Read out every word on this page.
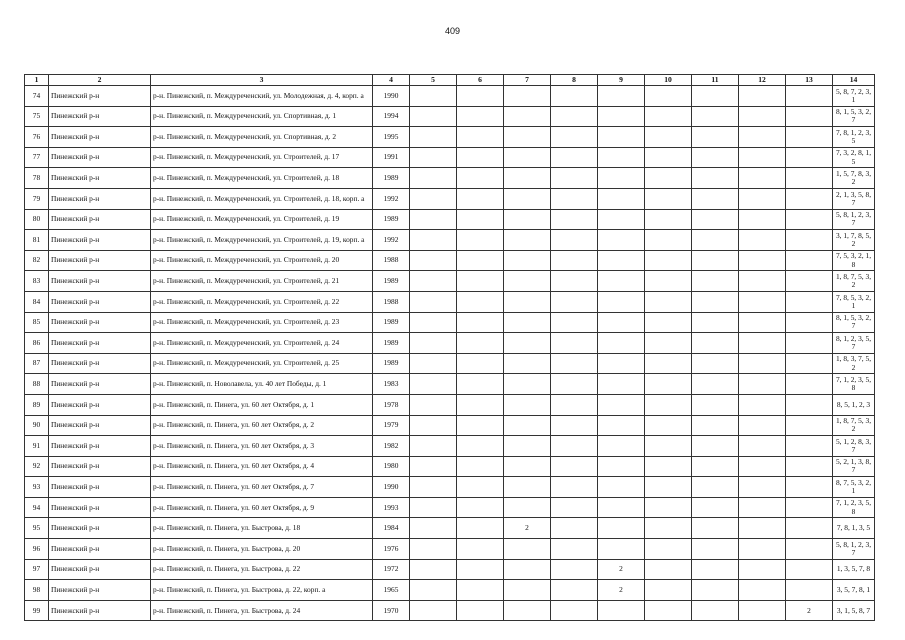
409
1	2	3	4	5	6	7	8	9	10	11	12	13	14
74	Пинежский р-н	р-н. Пинежский, п. Междуреченский, ул. Молодежная, д. 4, корп. а	1990										5, 8, 7, 2, 3, 1
75	Пинежский р-н	р-н. Пинежский, п. Междуреченский, ул. Спортивная, д. 1	1994										8, 1, 5, 3, 2, 7
76	Пинежский р-н	р-н. Пинежский, п. Междуреченский, ул. Спортивная, д. 2	1995										7, 8, 1, 2, 3, 5
77	Пинежский р-н	р-н. Пинежский, п. Междуреченский, ул. Строителей, д. 17	1991										7, 3, 2, 8, 1, 5
78	Пинежский р-н	р-н. Пинежский, п. Междуреченский, ул. Строителей, д. 18	1989										1, 5, 7, 8, 3, 2
79	Пинежский р-н	р-н. Пинежский, п. Междуреченский, ул. Строителей, д. 18, корп. а	1992										2, 1, 3, 5, 8, 7
80	Пинежский р-н	р-н. Пинежский, п. Междуреченский, ул. Строителей, д. 19	1989										5, 8, 1, 2, 3, 7
81	Пинежский р-н	р-н. Пинежский, п. Междуреченский, ул. Строителей, д. 19, корп. а	1992										3, 1, 7, 8, 5, 2
82	Пинежский р-н	р-н. Пинежский, п. Междуреченский, ул. Строителей, д. 20	1988										7, 5, 3, 2, 1, 8
83	Пинежский р-н	р-н. Пинежский, п. Междуреченский, ул. Строителей, д. 21	1989										1, 8, 7, 5, 3, 2
84	Пинежский р-н	р-н. Пинежский, п. Междуреченский, ул. Строителей, д. 22	1988										7, 8, 5, 3, 2, 1
85	Пинежский р-н	р-н. Пинежский, п. Междуреченский, ул. Строителей, д. 23	1989										8, 1, 5, 3, 2, 7
86	Пинежский р-н	р-н. Пинежский, п. Междуреченский, ул. Строителей, д. 24	1989										8, 1, 2, 3, 5, 7
87	Пинежский р-н	р-н. Пинежский, п. Междуреченский, ул. Строителей, д. 25	1989										1, 8, 3, 7, 5, 2
88	Пинежский р-н	р-н. Пинежский, п. Новолавела, ул. 40 лет Победы, д. 1	1983										7, 1, 2, 3, 5, 8
89	Пинежский р-н	р-н. Пинежский, п. Пинега, ул. 60 лет Октября, д. 1	1978										8, 5, 1, 2, 3
90	Пинежский р-н	р-н. Пинежский, п. Пинега, ул. 60 лет Октября, д. 2	1979										1, 8, 7, 5, 3, 2
91	Пинежский р-н	р-н. Пинежский, п. Пинега, ул. 60 лет Октября, д. 3	1982										5, 1, 2, 8, 3, 7
92	Пинежский р-н	р-н. Пинежский, п. Пинега, ул. 60 лет Октября, д. 4	1980										5, 2, 1, 3, 8, 7
93	Пинежский р-н	р-н. Пинежский, п. Пинега, ул. 60 лет Октября, д. 7	1990										8, 7, 5, 3, 2, 1
94	Пинежский р-н	р-н. Пинежский, п. Пинега, ул. 60 лет Октября, д. 9	1993										7, 1, 2, 3, 5, 8
95	Пинежский р-н	р-н. Пинежский, п. Пинега, ул. Быстрова, д. 18	1984			2							7, 8, 1, 3, 5
96	Пинежский р-н	р-н. Пинежский, п. Пинега, ул. Быстрова, д. 20	1976										5, 8, 1, 2, 3, 7
97	Пинежский р-н	р-н. Пинежский, п. Пинега, ул. Быстрова, д. 22	1972					2					1, 3, 5, 7, 8
98	Пинежский р-н	р-н. Пинежский, п. Пинега, ул. Быстрова, д. 22, корп. а	1965					2					3, 5, 7, 8, 1
99	Пинежский р-н	р-н. Пинежский, п. Пинега, ул. Быстрова, д. 24	1970									2	3, 1, 5, 8, 7
